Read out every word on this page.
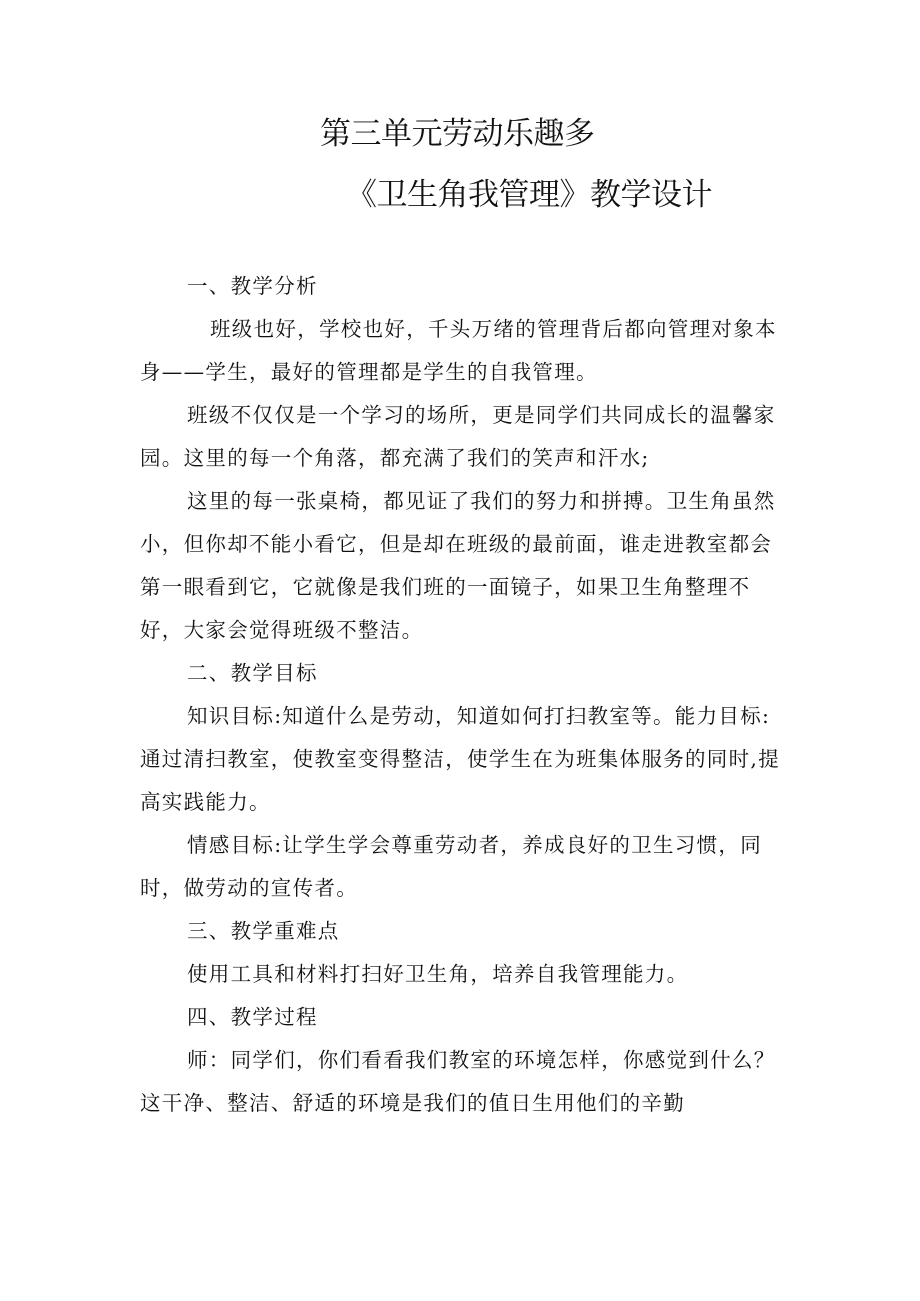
第三单元劳动乐趣多
《卫生角我管理》教学设计

一、教学分析

班级也好，学校也好，千头万绪的管理背后都向管理对象本身——学生，最好的管理都是学生的自我管理。

班级不仅仅是一个学习的场所，更是同学们共同成长的温馨家园。这里的每一个角落，都充满了我们的笑声和汗水;

这里的每一张桌椅，都见证了我们的努力和拼搏。卫生角虽然小，但你却不能小看它，但是却在班级的最前面，谁走进教室都会第一眼看到它，它就像是我们班的一面镜子，如果卫生角整理不好，大家会觉得班级不整洁。

二、教学目标

知识目标:知道什么是劳动，知道如何打扫教室等。能力目标:通过清扫教室，使教室变得整洁，使学生在为班集体服务的同时,提高实践能力。

情感目标:让学生学会尊重劳动者，养成良好的卫生习惯，同时，做劳动的宣传者。

三、教学重难点

使用工具和材料打扫好卫生角，培养自我管理能力。

四、教学过程

师：同学们，你们看看我们教室的环境怎样，你感觉到什么？这干净、整洁、舒适的环境是我们的值日生用他们的辛勤
